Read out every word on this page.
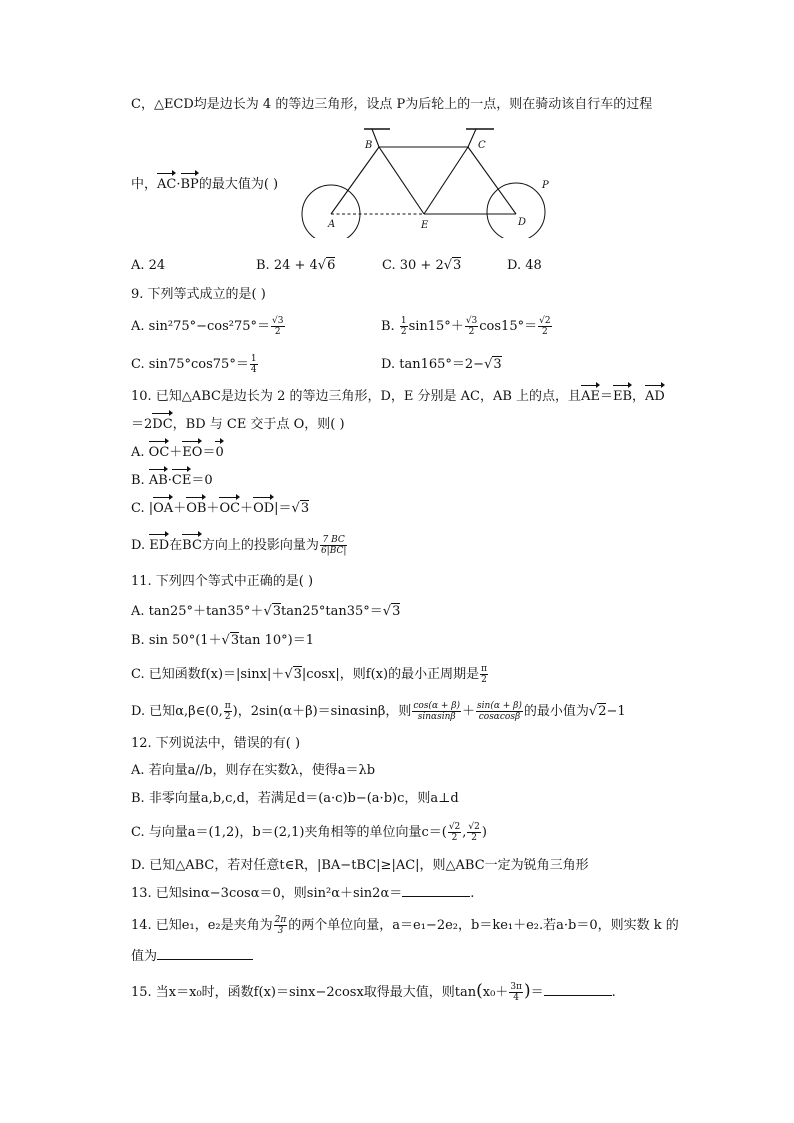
C，△ECD均是边长为 4 的等边三角形，设点 P为后轮上的一点，则在骑动该自行车的过程
B	C
A	E	D
P
中，AC·BP的最大值为( )
A. 24	B. 24 + 4√6	C. 30 + 2√3	D. 48
9. 下列等式成立的是( )
A. $\sin^275^\circ-\cos^275^\circ= \frac{√3}{2}$	B. $\frac{1}{2} \sin 15^\circ+ \frac{√3}{2} \cos 15^\circ= \frac{√2}{2}$
C. $\sin 75^\circ\cos 75^\circ= \frac{1}{4}$	D. tan165°＝2−√3
10. 已知△ABC是边长为 2 的等边三角形，D，E 分别是 AC，AB 上的点，且AE＝EB，AD
＝2DC，BD 与 CE 交于点 O，则( )
A. OC＋EO＝0
B. AB·CE＝0
C. |OA＋OB＋OC＋OD|＝√3
D. ED在BC方向上的投影向量为 $\frac{7 BC}{6|BC|}$
11. 下列四个等式中正确的是( )
A. tan25°＋tan35°＋√3tan25°tan35°＝√3
B. sin 50°(1＋√3tan 10°)＝1
C. 已知函数f(x)＝|sinx|＋√3|cosx|，则f(x)的最小正周期是 $\frac{\pi}{2}$
D. 已知α,β∈(0, $\frac{\pi}{2}$ )，2sin(α＋β)＝sinαsinβ，则 $\frac{\cos(\alpha + \beta)}{\sin\alpha\sin\beta} + \frac{\sin(\alpha + \beta)}{\cos\alpha\cos\beta}$ 的最小值为√2−1
12. 下列说法中，错误的有( )
A. 若向量a//b，则存在实数λ，使得a＝λb
B. 非零向量a,b,c,d，若满足d＝(a·c)b−(a·b)c，则a⊥d
C. 与向量a＝(1,2)，b＝(2,1)夹角相等的单位向量$c=( \frac{√2}{2}$ , $\frac{√2}{2}$ )
D. 已知△ABC，若对任意t∈R，|BA−tBC|≥|AC|，则△ABC一定为锐角三角形
13. 已知sinα−3cosα＝0，则sin²α＋sin2α＝	.
14. 已知e₁，e₂是夹角为 $\frac{2\pi}{3}$ 的两个单位向量，a＝e₁−2e₂，b＝ke₁＋e₂.若a·b＝0，则实数 k 的
值为
15. 当x＝x₀时，函数f(x)＝sinx−2cosx取得最大值，则$\tan(x_0+ \frac{3\pi}{4}$ )＝	.
